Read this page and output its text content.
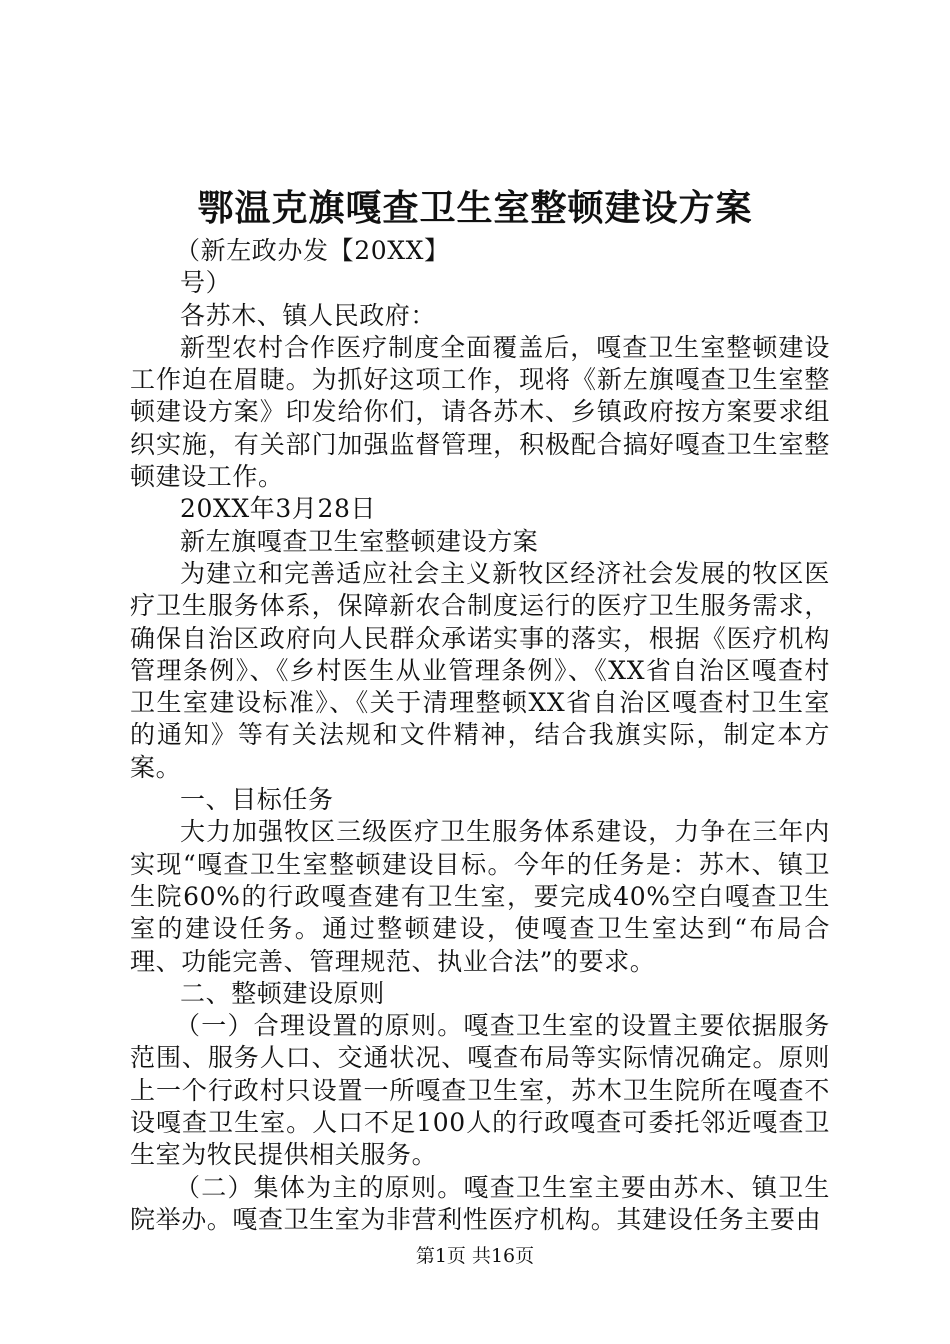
鄂温克旗嘎查卫生室整顿建设方案

（新左政办发【20XX】

号）

各苏木、镇人民政府：

新型农村合作医疗制度全面覆盖后，嘎查卫生室整顿建设工作迫在眉睫。为抓好这项工作，现将《新左旗嘎查卫生室整顿建设方案》印发给你们，请各苏木、乡镇政府按方案要求组织实施，有关部门加强监督管理，积极配合搞好嘎查卫生室整顿建设工作。

20XX年3月28日

新左旗嘎查卫生室整顿建设方案

为建立和完善适应社会主义新牧区经济社会发展的牧区医疗卫生服务体系，保障新农合制度运行的医疗卫生服务需求，确保自治区政府向人民群众承诺实事的落实，根据《医疗机构管理条例》、《乡村医生从业管理条例》、《XX省自治区嘎查村卫生室建设标准》、《关于清理整顿XX省自治区嘎查村卫生室的通知》等有关法规和文件精神，结合我旗实际，制定本方案。

一、目标任务

大力加强牧区三级医疗卫生服务体系建设，力争在三年内实现“嘎查卫生室整顿建设目标。今年的任务是：苏木、镇卫生院60%的行政嘎查建有卫生室，要完成40%空白嘎查卫生室的建设任务。通过整顿建设，使嘎查卫生室达到“布局合理、功能完善、管理规范、执业合法”的要求。

二、整顿建设原则

（一）合理设置的原则。嘎查卫生室的设置主要依据服务范围、服务人口、交通状况、嘎查布局等实际情况确定。原则上一个行政村只设置一所嘎查卫生室，苏木卫生院所在嘎查不设嘎查卫生室。人口不足100人的行政嘎查可委托邻近嘎查卫生室为牧民提供相关服务。

（二）集体为主的原则。嘎查卫生室主要由苏木、镇卫生院举办。嘎查卫生室为非营利性医疗机构。其建设任务主要由

第1页 共16页
